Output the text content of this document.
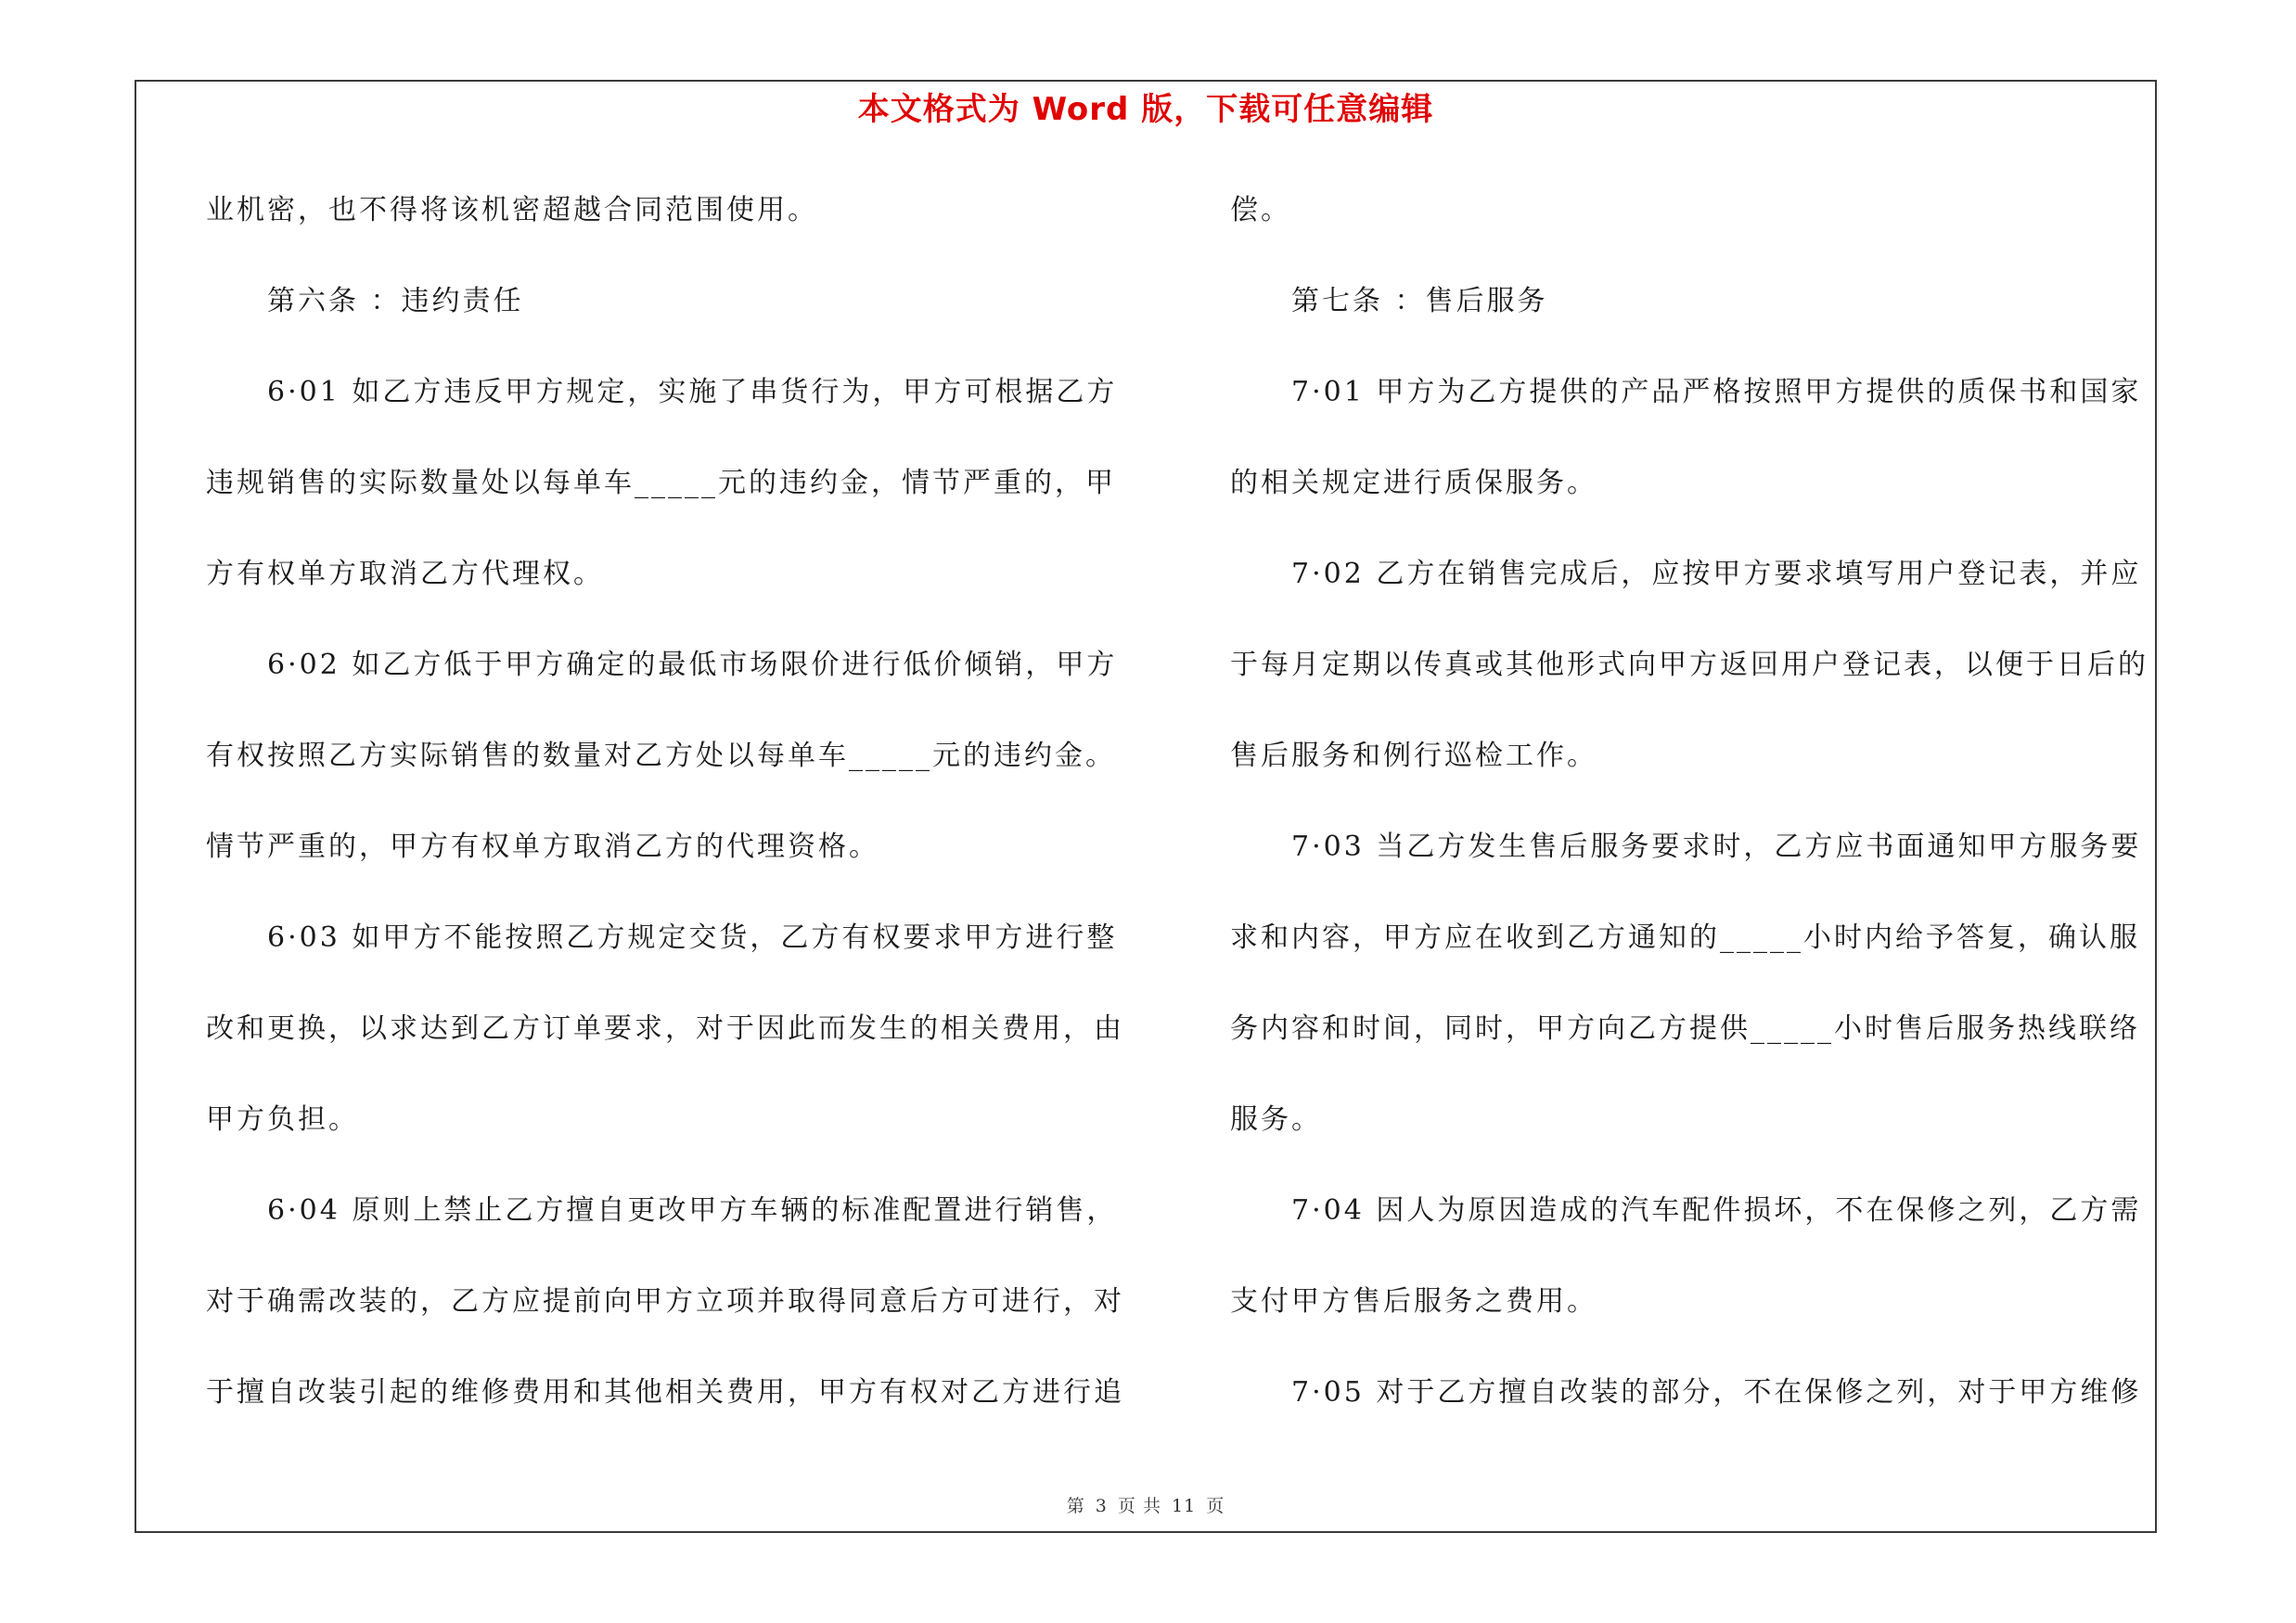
本文格式为 Word 版，下载可任意编辑
业机密，也不得将该机密超越合同范围使用。
第六条 ：违约责任
6·01 如乙方违反甲方规定，实施了串货行为，甲方可根据乙方
违规销售的实际数量处以每单车_____元的违约金，情节严重的，甲
方有权单方取消乙方代理权。
6·02 如乙方低于甲方确定的最低市场限价进行低价倾销，甲方
有权按照乙方实际销售的数量对乙方处以每单车_____元的违约金。
情节严重的，甲方有权单方取消乙方的代理资格。
6·03 如甲方不能按照乙方规定交货，乙方有权要求甲方进行整
改和更换，以求达到乙方订单要求，对于因此而发生的相关费用，由
甲方负担。
6·04 原则上禁止乙方擅自更改甲方车辆的标准配置进行销售，
对于确需改装的，乙方应提前向甲方立项并取得同意后方可进行，对
于擅自改装引起的维修费用和其他相关费用，甲方有权对乙方进行追
偿。
第七条 ：售后服务
7·01 甲方为乙方提供的产品严格按照甲方提供的质保书和国家
的相关规定进行质保服务。
7·02 乙方在销售完成后，应按甲方要求填写用户登记表，并应
于每月定期以传真或其他形式向甲方返回用户登记表，以便于日后的
售后服务和例行巡检工作。
7·03 当乙方发生售后服务要求时，乙方应书面通知甲方服务要
求和内容，甲方应在收到乙方通知的_____小时内给予答复，确认服
务内容和时间，同时，甲方向乙方提供_____小时售后服务热线联络
服务。
7·04 因人为原因造成的汽车配件损坏，不在保修之列，乙方需
支付甲方售后服务之费用。
7·05 对于乙方擅自改装的部分，不在保修之列，对于甲方维修
第 3 页 共 11 页
